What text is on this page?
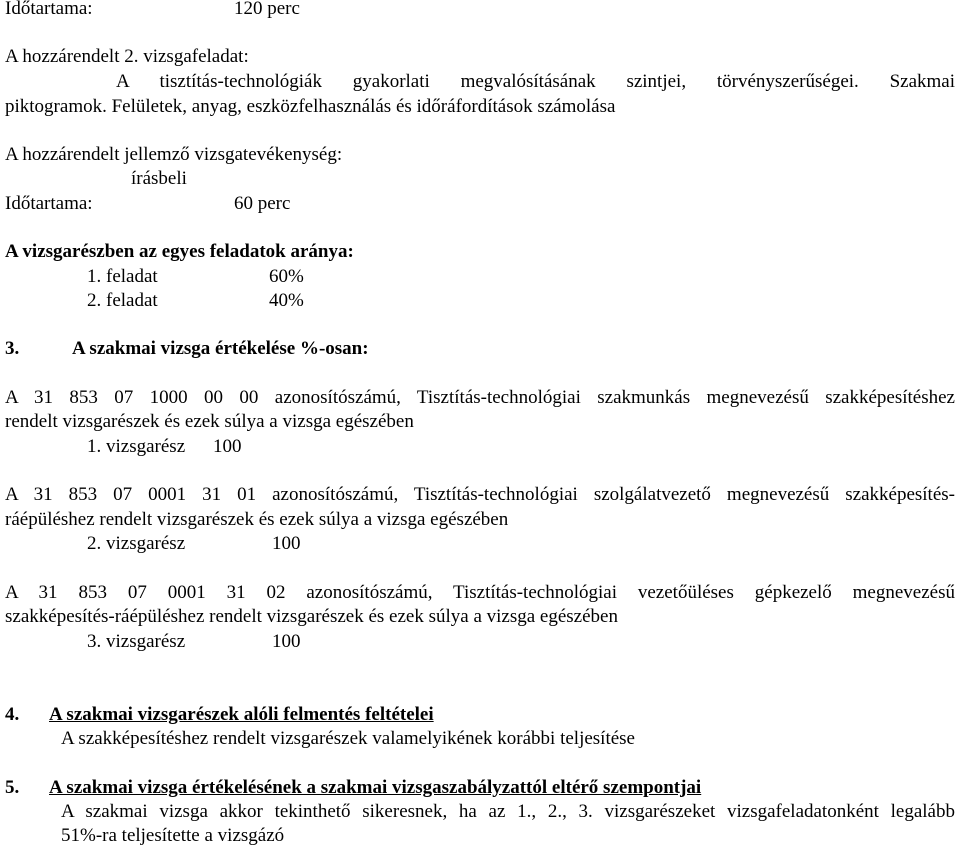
Időtartama:	120 perc
A hozzárendelt 2. vizsgafeladat:
A tisztítás-technológiák gyakorlati megvalósításának szintjei, törvényszerűségei. Szakmai
piktogramok. Felületek, anyag, eszközfelhasználás és időráfordítások számolása
A hozzárendelt jellemző vizsgatevékenység:
írásbeli
Időtartama:	60 perc
A vizsgarészben az egyes feladatok aránya:
1. feladat	60%
2. feladat	40%
3.	A szakmai vizsga értékelése %-osan:
A 31 853 07 1000 00 00 azonosítószámú, Tisztítás-technológiai szakmunkás megnevezésű szakképesítéshez
rendelt vizsgarészek és ezek súlya a vizsga egészében
1. vizsgarész 100
A 31 853 07 0001 31 01 azonosítószámú, Tisztítás-technológiai szolgálatvezető megnevezésű szakképesítés-
ráépüléshez rendelt vizsgarészek és ezek súlya a vizsga egészében
2. vizsgarész	100
A 31 853 07 0001 31 02 azonosítószámú, Tisztítás-technológiai vezetőüléses gépkezelő megnevezésű
szakképesítés-ráépüléshez rendelt vizsgarészek és ezek súlya a vizsga egészében
3. vizsgarész	100
4. A szakmai vizsgarészek alóli felmentés feltételei
A szakképesítéshez rendelt vizsgarészek valamelyikének korábbi teljesítése
5. A szakmai vizsga értékelésének a szakmai vizsgaszabályzattól eltérő szempontjai
A szakmai vizsga akkor tekinthető sikeresnek, ha az 1., 2., 3. vizsgarészeket vizsgafeladatonként legalább
51%-ra teljesítette a vizsgázó
